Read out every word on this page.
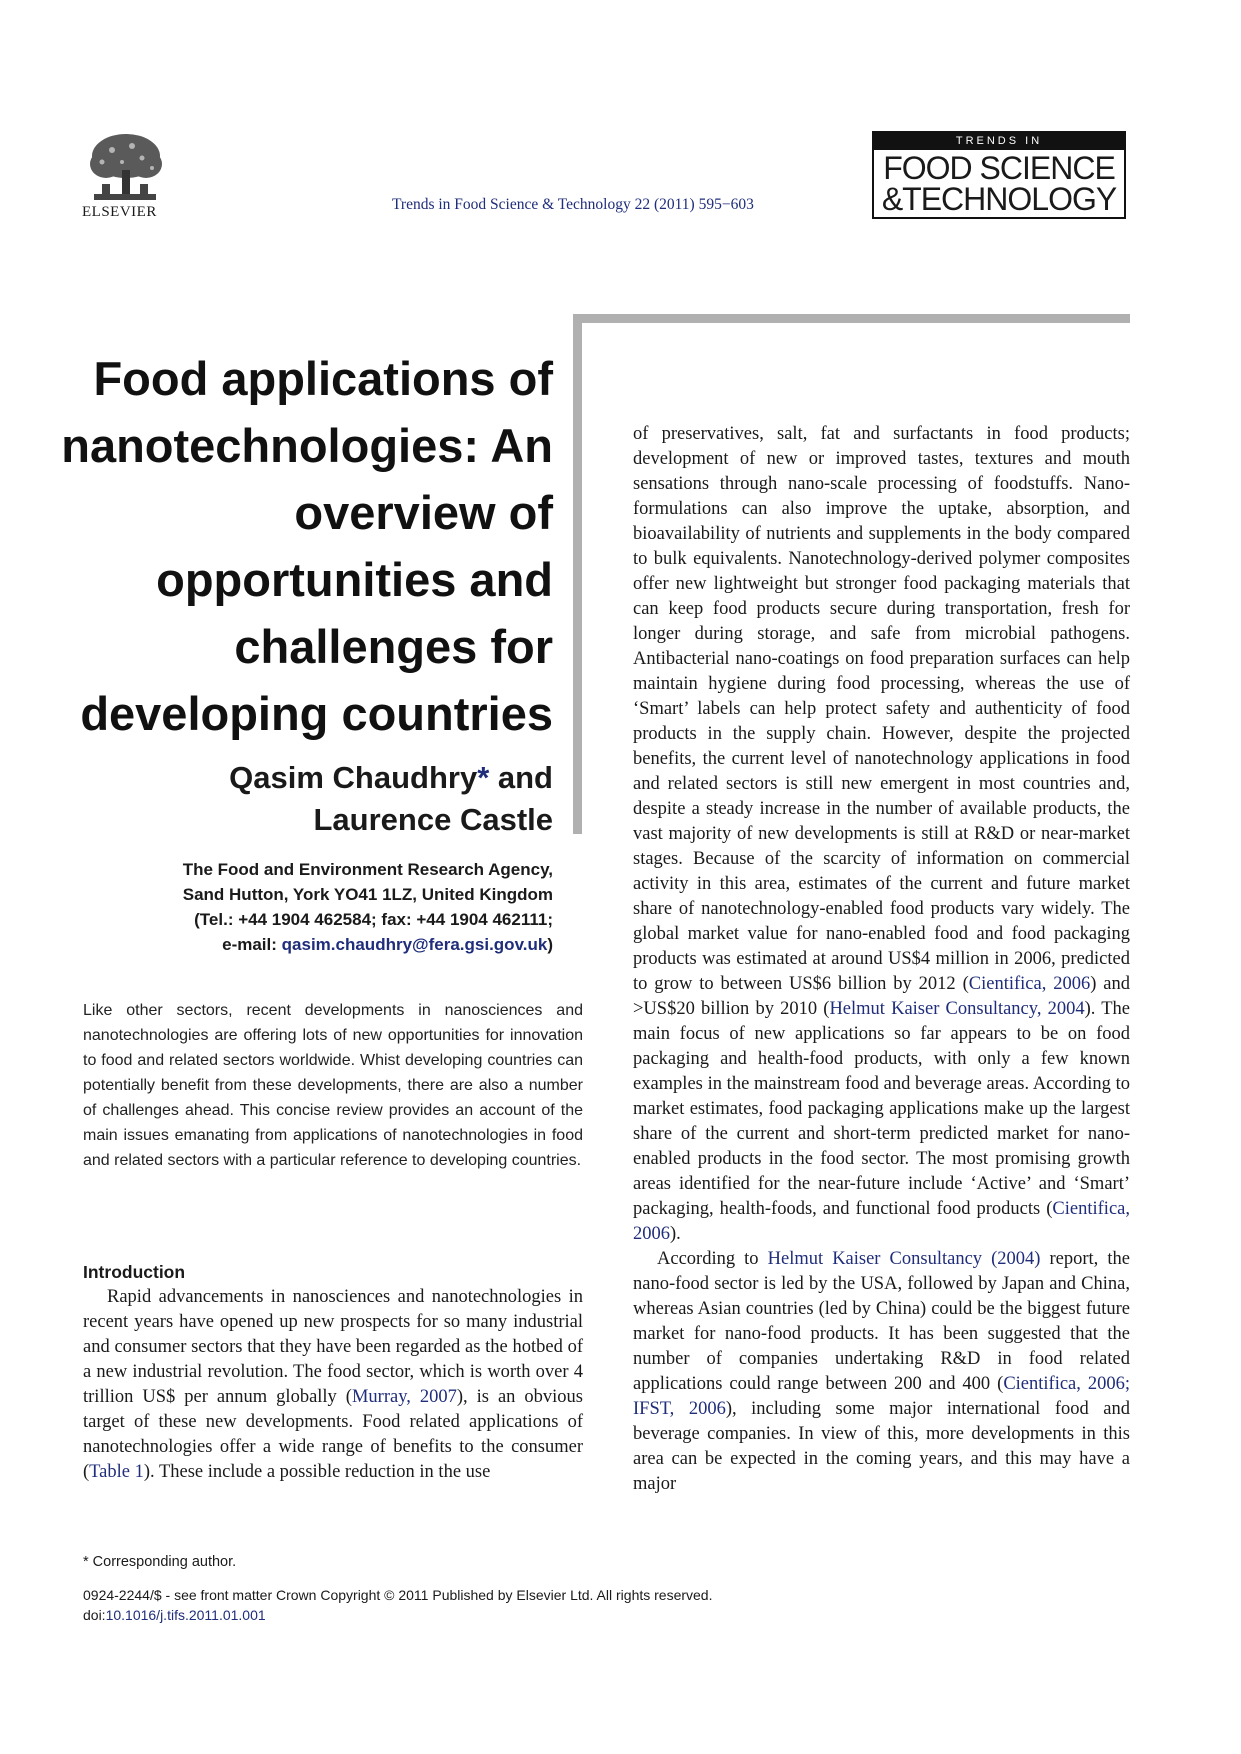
ELSEVIER	Trends in Food Science & Technology 22 (2011) 595−603
TRENDS IN
FOOD SCIENCE
&TECHNOLOGY
Food applications of nanotechnologies: An overview of opportunities and challenges for developing countries
Qasim Chaudhry* and
Laurence Castle
The Food and Environment Research Agency,
Sand Hutton, York YO41 1LZ, United Kingdom
(Tel.: +44 1904 462584; fax: +44 1904 462111;
e-mail: qasim.chaudhry@fera.gsi.gov.uk)
Like other sectors, recent developments in nanosciences and nanotechnologies are offering lots of new opportunities for innovation to food and related sectors worldwide. Whist developing countries can potentially benefit from these developments, there are also a number of challenges ahead. This concise review provides an account of the main issues emanating from applications of nanotechnologies in food and related sectors with a particular reference to developing countries.
Introduction
Rapid advancements in nanosciences and nanotechnologies in recent years have opened up new prospects for so many industrial and consumer sectors that they have been regarded as the hotbed of a new industrial revolution. The food sector, which is worth over 4 trillion US$ per annum globally (Murray, 2007), is an obvious target of these new developments. Food related applications of nanotechnologies offer a wide range of benefits to the consumer (Table 1). These include a possible reduction in the use
of preservatives, salt, fat and surfactants in food products; development of new or improved tastes, textures and mouth sensations through nano-scale processing of foodstuffs. Nano-formulations can also improve the uptake, absorption, and bioavailability of nutrients and supplements in the body compared to bulk equivalents. Nanotechnology-derived polymer composites offer new lightweight but stronger food packaging materials that can keep food products secure during transportation, fresh for longer during storage, and safe from microbial pathogens. Antibacterial nano-coatings on food preparation surfaces can help maintain hygiene during food processing, whereas the use of ‘Smart’ labels can help protect safety and authenticity of food products in the supply chain. However, despite the projected benefits, the current level of nanotechnology applications in food and related sectors is still new emergent in most countries and, despite a steady increase in the number of available products, the vast majority of new developments is still at R&D or near-market stages. Because of the scarcity of information on commercial activity in this area, estimates of the current and future market share of nanotechnology-enabled food products vary widely. The global market value for nano-enabled food and food packaging products was estimated at around US$4 million in 2006, predicted to grow to between US$6 billion by 2012 (Cientifica, 2006) and >US$20 billion by 2010 (Helmut Kaiser Consultancy, 2004). The main focus of new applications so far appears to be on food packaging and health-food products, with only a few known examples in the mainstream food and beverage areas. According to market estimates, food packaging applications make up the largest share of the current and short-term predicted market for nano-enabled products in the food sector. The most promising growth areas identified for the near-future include ‘Active’ and ‘Smart’ packaging, health-foods, and functional food products (Cientifica, 2006).
According to Helmut Kaiser Consultancy (2004) report, the nano-food sector is led by the USA, followed by Japan and China, whereas Asian countries (led by China) could be the biggest future market for nano-food products. It has been suggested that the number of companies undertaking R&D in food related applications could range between 200 and 400 (Cientifica, 2006; IFST, 2006), including some major international food and beverage companies. In view of this, more developments in this area can be expected in the coming years, and this may have a major
* Corresponding author.
0924-2244/$ - see front matter Crown Copyright © 2011 Published by Elsevier Ltd. All rights reserved.
doi:10.1016/j.tifs.2011.01.001
